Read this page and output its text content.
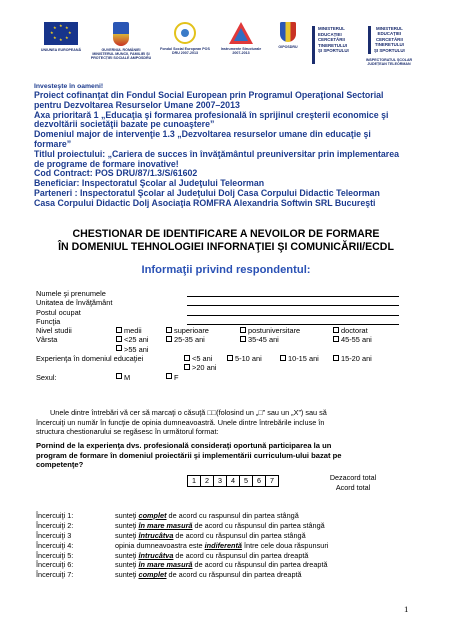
★ ★
★
★
★
★
★
★
UNIUNEA EUROPEANĂ	GUVERNUL ROMÂNIEI MINISTERUL MUNCII, FAMILIEI ȘI PROTECȚIEI SOCIALE AMPOSDRU
Fondul Social European POS DRU 2007-2013
Instrumente Structurale 2007-2013
OIPOSDRU
MINISTERUL
EDUCAȚIEI
CERCETĂRII
TINERETULUI
ȘI SPORTULUI
MINISTERUL
EDUCAȚIEI
CERCETĂRII
TINERETULUI
ȘI SPORTULUI
INSPECTORATUL ȘCOLAR JUDEȚEAN TELEORMAN
Investeşte în oameni!
Proiect cofinanţat din Fondul Social European prin Programul Operaţional Sectorial
pentru Dezvoltarea Resurselor Umane 2007–2013
Axa prioritară 1 „Educaţia şi formarea profesională în sprijinul creşterii economice şi
dezvoltării societăţii bazate pe cunoaştere”
Domeniul major de intervenţie 1.3 „Dezvoltarea resurselor umane din educaţie şi
formare”
Titlul proiectului: „Cariera de succes în învăţământul preuniversitar prin implementarea
de programe de formare inovative!
Cod Contract: POS DRU/87/1.3/S/61602
Beneficiar: Inspectoratul Şcolar al Judeţului Teleorman
Parteneri : Inspectoratul Şcolar al Judeţului Dolj Casa Corpului Didactic Teleorman
Casa Corpului Didactic Dolj Asociaţia ROMFRA Alexandria Softwin SRL Bucureşti
CHESTIONAR DE IDENTIFICARE A NEVOILOR DE FORMARE
ÎN DOMENIUL TEHNOLOGIEI INFORNAŢIEI ŞI COMUNICĂRII/ECDL
Informaţii privind respondentul:
Numele şi prenumele
Unitatea de învăţământ
Postul ocupat
Funcţia
Nivel studii	medii	superioare	postuniversitare	doctorat
Vârsta	<25 ani	25-35 ani	35-45 ani	45-55 ani
>55 ani
Experienţa în domeniul educaţiei	<5 ani	5-10 ani	10-15 ani	15-20 ani
>20 ani
Sexul:	M	F
Unele dintre întrebări vă cer să marcaţi o căsuţă □□(folosind un „□” sau un „X”) sau să
încercuiţi un număr în funcţie de opinia dumneavoastră. Unele dintre întrebările incluse în
structura chestionarului se regăsesc în următorul format:
Pornind de la experienţa dvs. profesională consideraţi oportună participarea la un
program de formare în domeniul proiectării şi implementării curriculum-ului bazat pe
competenţe?
1	2	3	4	5	6	7	Dezacord total
Acord total
Încercuiţi 1:	sunteţi complet de acord cu raspunsul din partea stângă
Încercuiţi 2:	sunteţi în mare masură de acord cu răspunsul din partea stângă
Încercuiţi 3	sunteţi întrucâtva de acord cu răspunsul din partea stângă
Încercuiţi 4:	opinia dumneavoastra este indiferentă între cele doua răspunsuri
Încercuiţi 5:	sunteţi întrucâtva de acord cu răspunsul din partea dreaptă
Încercuiţi 6:	sunteţi în mare masură de acord cu răspunsul din partea dreaptă
Încercuiţi 7:	sunteţi complet de acord cu răspunsul din partea dreaptă
1
